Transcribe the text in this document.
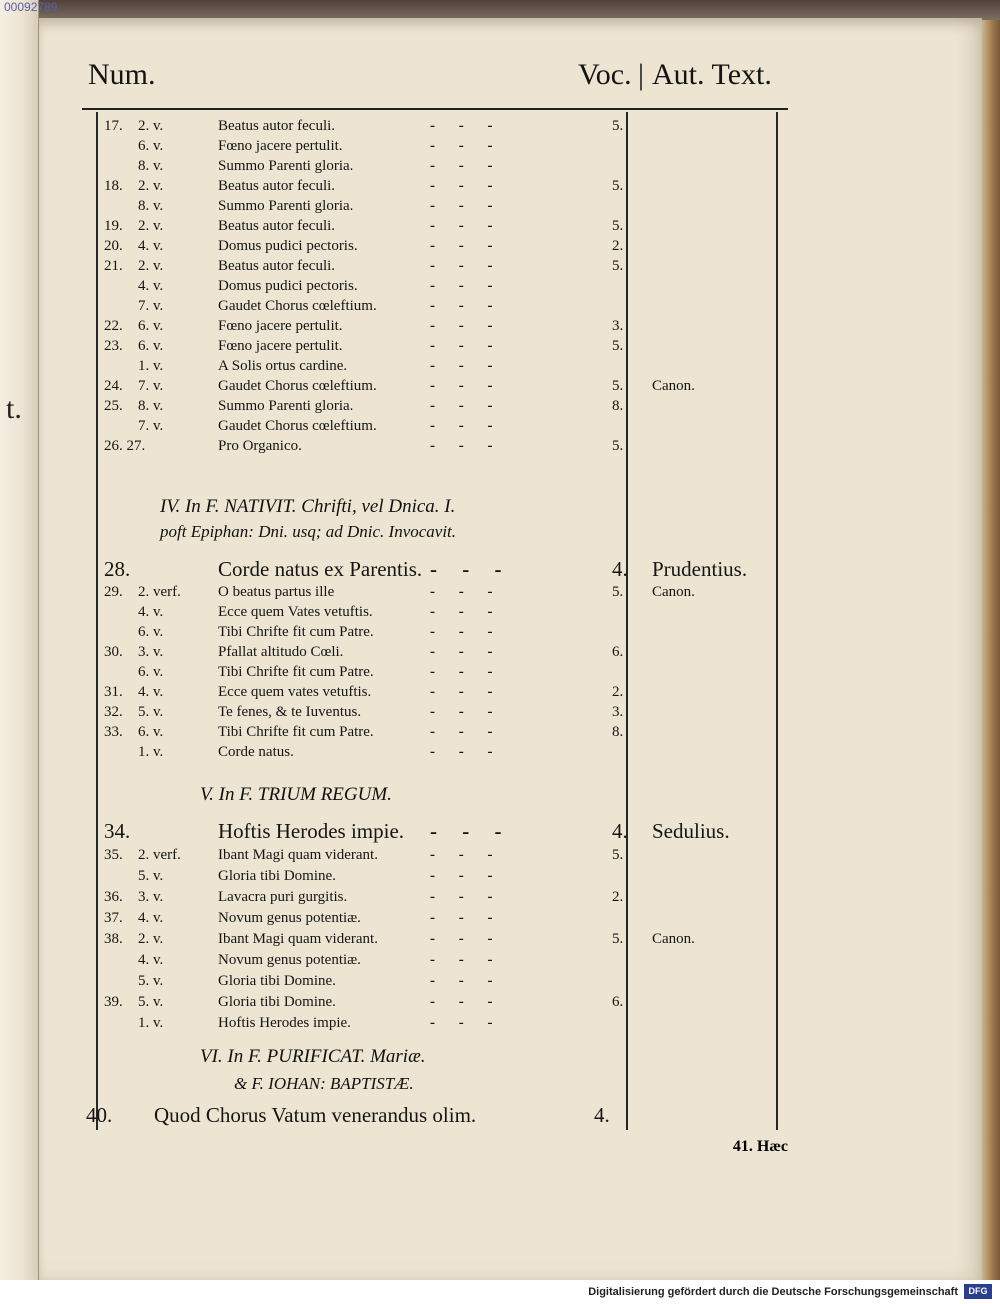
00092789
t.
Num.	Voc. | Aut. Text.
17. 2. v.	Beatus autor feculi.	- - -	5.
6. v.	Fœno jacere pertulit.	- - -
8. v.	Summo Parenti gloria.	- - -
18. 2. v.	Beatus autor feculi.	- - -	5.
8. v.	Summo Parenti gloria.	- - -
19. 2. v.	Beatus autor feculi.	- - -	5.
20. 4. v.	Domus pudici pectoris.	- - -	2.
21. 2. v.	Beatus autor feculi.	- - -	5.
4. v.	Domus pudici pectoris.	- - -
7. v.	Gaudet Chorus cœleftium.	- - -
22. 6. v.	Fœno jacere pertulit.	- - -	3.
23. 6. v.	Fœno jacere pertulit.	- - -	5.
1. v.	A Solis ortus cardine.	- - -
24. 7. v.	Gaudet Chorus cœleftium.	- - -	5. Canon.
25. 8. v.	Summo Parenti gloria.	- - -	8.
7. v.	Gaudet Chorus cœleftium.	- - -
26. 27.	Pro Organico.	- - -	5.
IV. In F. NATIVIT. Chrifti, vel Dnica. I.
poft Epiphan: Dni. usq; ad Dnic. Invocavit.
28.	Corde natus ex Parentis. - - -	4. Prudentius.
29. 2. verf. O beatus partus ille	- - -	5. Canon.
4. v.	Ecce quem Vates vetuftis.	- - -
6. v.	Tibi Chrifte fit cum Patre.	- - -
30. 3. v.	Pfallat altitudo Cœli.	- - -	6.
6. v.	Tibi Chrifte fit cum Patre.	- - -
31. 4. v.	Ecce quem vates vetuftis.	- - -	2.
32. 5. v.	Te fenes, & te Iuventus.	- - -	3.
33. 6. v.	Tibi Chrifte fit cum Patre.	- - -	8.
1. v.	Corde natus.	- - -
V. In F. TRIUM REGUM.
34.	Hoftis Herodes impie. - - -	4. Sedulius.
35. 2. verf. Ibant Magi quam viderant.	- - -	5.
5. v.	Gloria tibi Domine.	- - -
36. 3. v.	Lavacra puri gurgitis.	- - -	2.
37. 4. v.	Novum genus potentiæ.	- - -
38. 2. v.	Ibant Magi quam viderant.	- - -	5. Canon.
4. v.	Novum genus potentiæ.	- - -
5. v.	Gloria tibi Domine.	- - -
39. 5. v.	Gloria tibi Domine.	- - -	6.
1. v.	Hoftis Herodes impie.	- - -
VI. In F. PURIFICAT. Mariæ.
& F. IOHAN: BAPTISTÆ.
40. Quod Chorus Vatum venerandus olim.	4.
41. Hæc
Digitalisierung gefördert durch die Deutsche Forschungsgemeinschaft	DFG
